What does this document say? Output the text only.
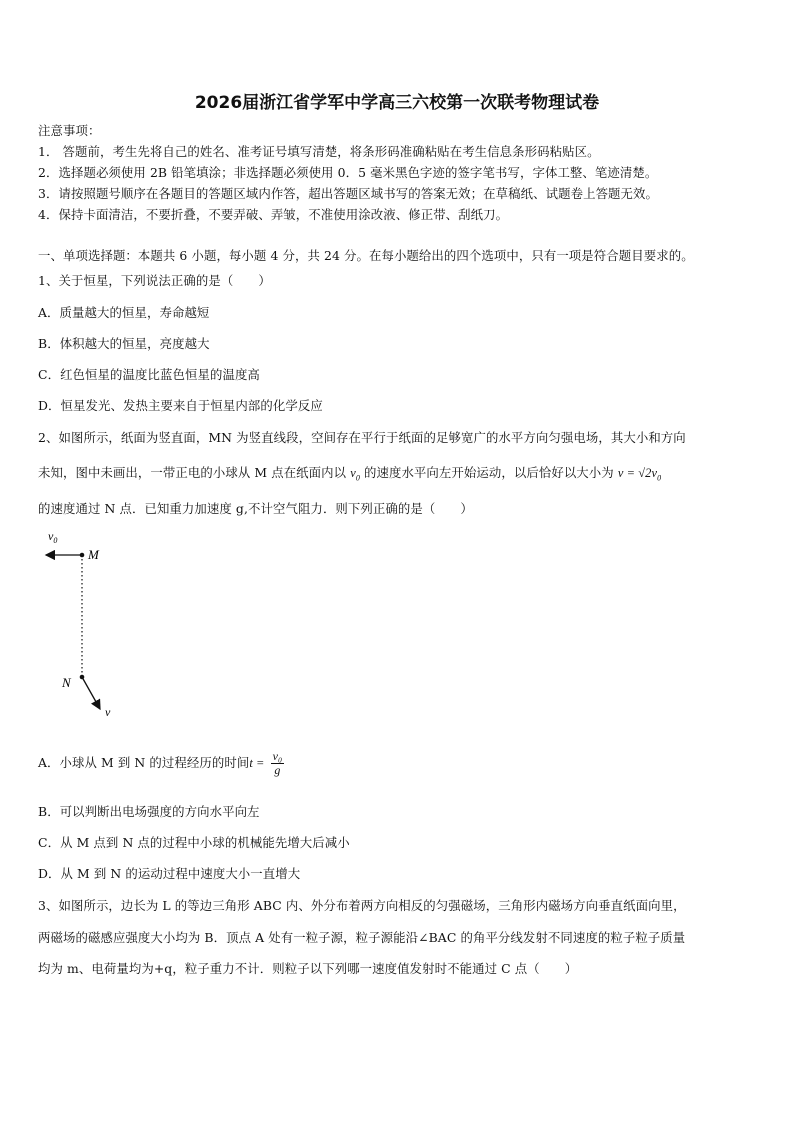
2026届浙江省学军中学高三六校第一次联考物理试卷
注意事项：
1． 答题前，考生先将自己的姓名、准考证号填写清楚，将条形码准确粘贴在考生信息条形码粘贴区。
2．选择题必须使用 2B 铅笔填涂；非选择题必须使用 0．5 毫米黑色字迹的签字笔书写，字体工整、笔迹清楚。
3．请按照题号顺序在各题目的答题区域内作答，超出答题区域书写的答案无效；在草稿纸、试题卷上答题无效。
4．保持卡面清洁，不要折叠，不要弄破、弄皱，不准使用涂改液、修正带、刮纸刀。
一、单项选择题：本题共 6 小题，每小题 4 分，共 24 分。在每小题给出的四个选项中，只有一项是符合题目要求的。
1、关于恒星，下列说法正确的是（　　）
A．质量越大的恒星，寿命越短
B．体积越大的恒星，亮度越大
C．红色恒星的温度比蓝色恒星的温度高
D．恒星发光、发热主要来自于恒星内部的化学反应
2、如图所示，纸面为竖直面，MN 为竖直线段，空间存在平行于纸面的足够宽广的水平方向匀强电场，其大小和方向
未知，图中未画出，一带正电的小球从 M 点在纸面内以 $v_0$ 的速度水平向左开始运动，以后恰好以大小为 $v = √2v_0$
的速度通过 N 点．已知重力加速度 g,不计空气阻力．则下列正确的是（　　）
$v_0$
M
N
v
A．小球从 M 到 N 的过程经历的时间$t = \frac{\text{v₀}}{g}$
B．可以判断出电场强度的方向水平向左
C．从 M 点到 N 点的过程中小球的机械能先增大后减小
D．从 M 到 N 的运动过程中速度大小一直增大
3、如图所示，边长为 L 的等边三角形 ABC 内、外分布着两方向相反的匀强磁场，三角形内磁场方向垂直纸面向里，
两磁场的磁感应强度大小均为 B．顶点 A 处有一粒子源，粒子源能沿∠BAC 的角平分线发射不同速度的粒子粒子质量
均为 m、电荷量均为+q，粒子重力不计．则粒子以下列哪一速度值发射时不能通过 C 点（　　）
